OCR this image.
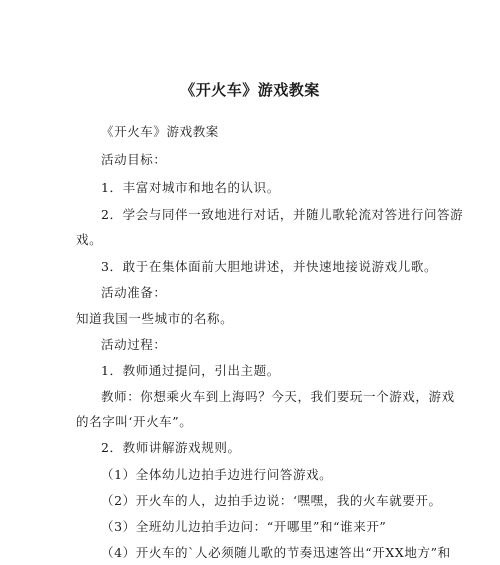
《开火车》游戏教案
《开火车》游戏教案
活动目标：
1．丰富对城市和地名的认识。
2．学会与同伴一致地进行对话，并随儿歌轮流对答进行问答游
戏。
3．敢于在集体面前大胆地讲述，并快速地接说游戏儿歌。
活动准备：
知道我国一些城市的名称。
活动过程：
1．教师通过提问，引出主题。
教师：你想乘火车到上海吗？今天，我们要玩一个游戏，游戏
的名字叫‘开火车”。
2．教师讲解游戏规则。
（1）全体幼儿边拍手边进行问答游戏。
（2）开火车的人，边拍手边说：‘嘿嘿，我的火车就要开。
（3）全班幼儿边拍手边问：“开哪里”和“谁来开”
（4）开火车的`人必须随儿歌的节奏迅速答出“开XX地方”和
